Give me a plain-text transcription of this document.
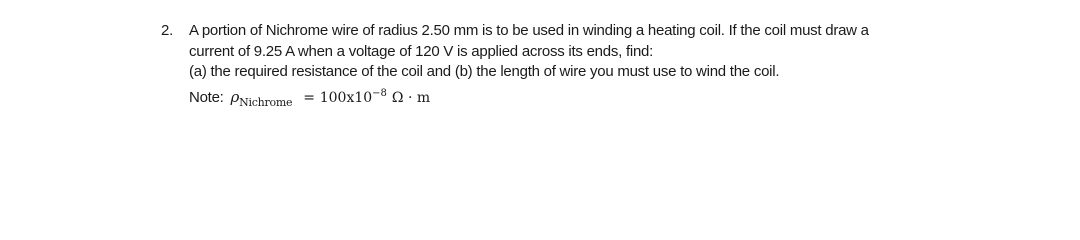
2. A portion of Nichrome wire of radius 2.50 mm is to be used in winding a heating coil. If the coil must draw a
current of 9.25 A when a voltage of 120 V is applied across its ends, find:
(a) the required resistance of the coil and (b) the length of wire you must use to wind the coil.
Note: $\rho_{Nichrome} = 100x10^{-8}$ Ω · m
